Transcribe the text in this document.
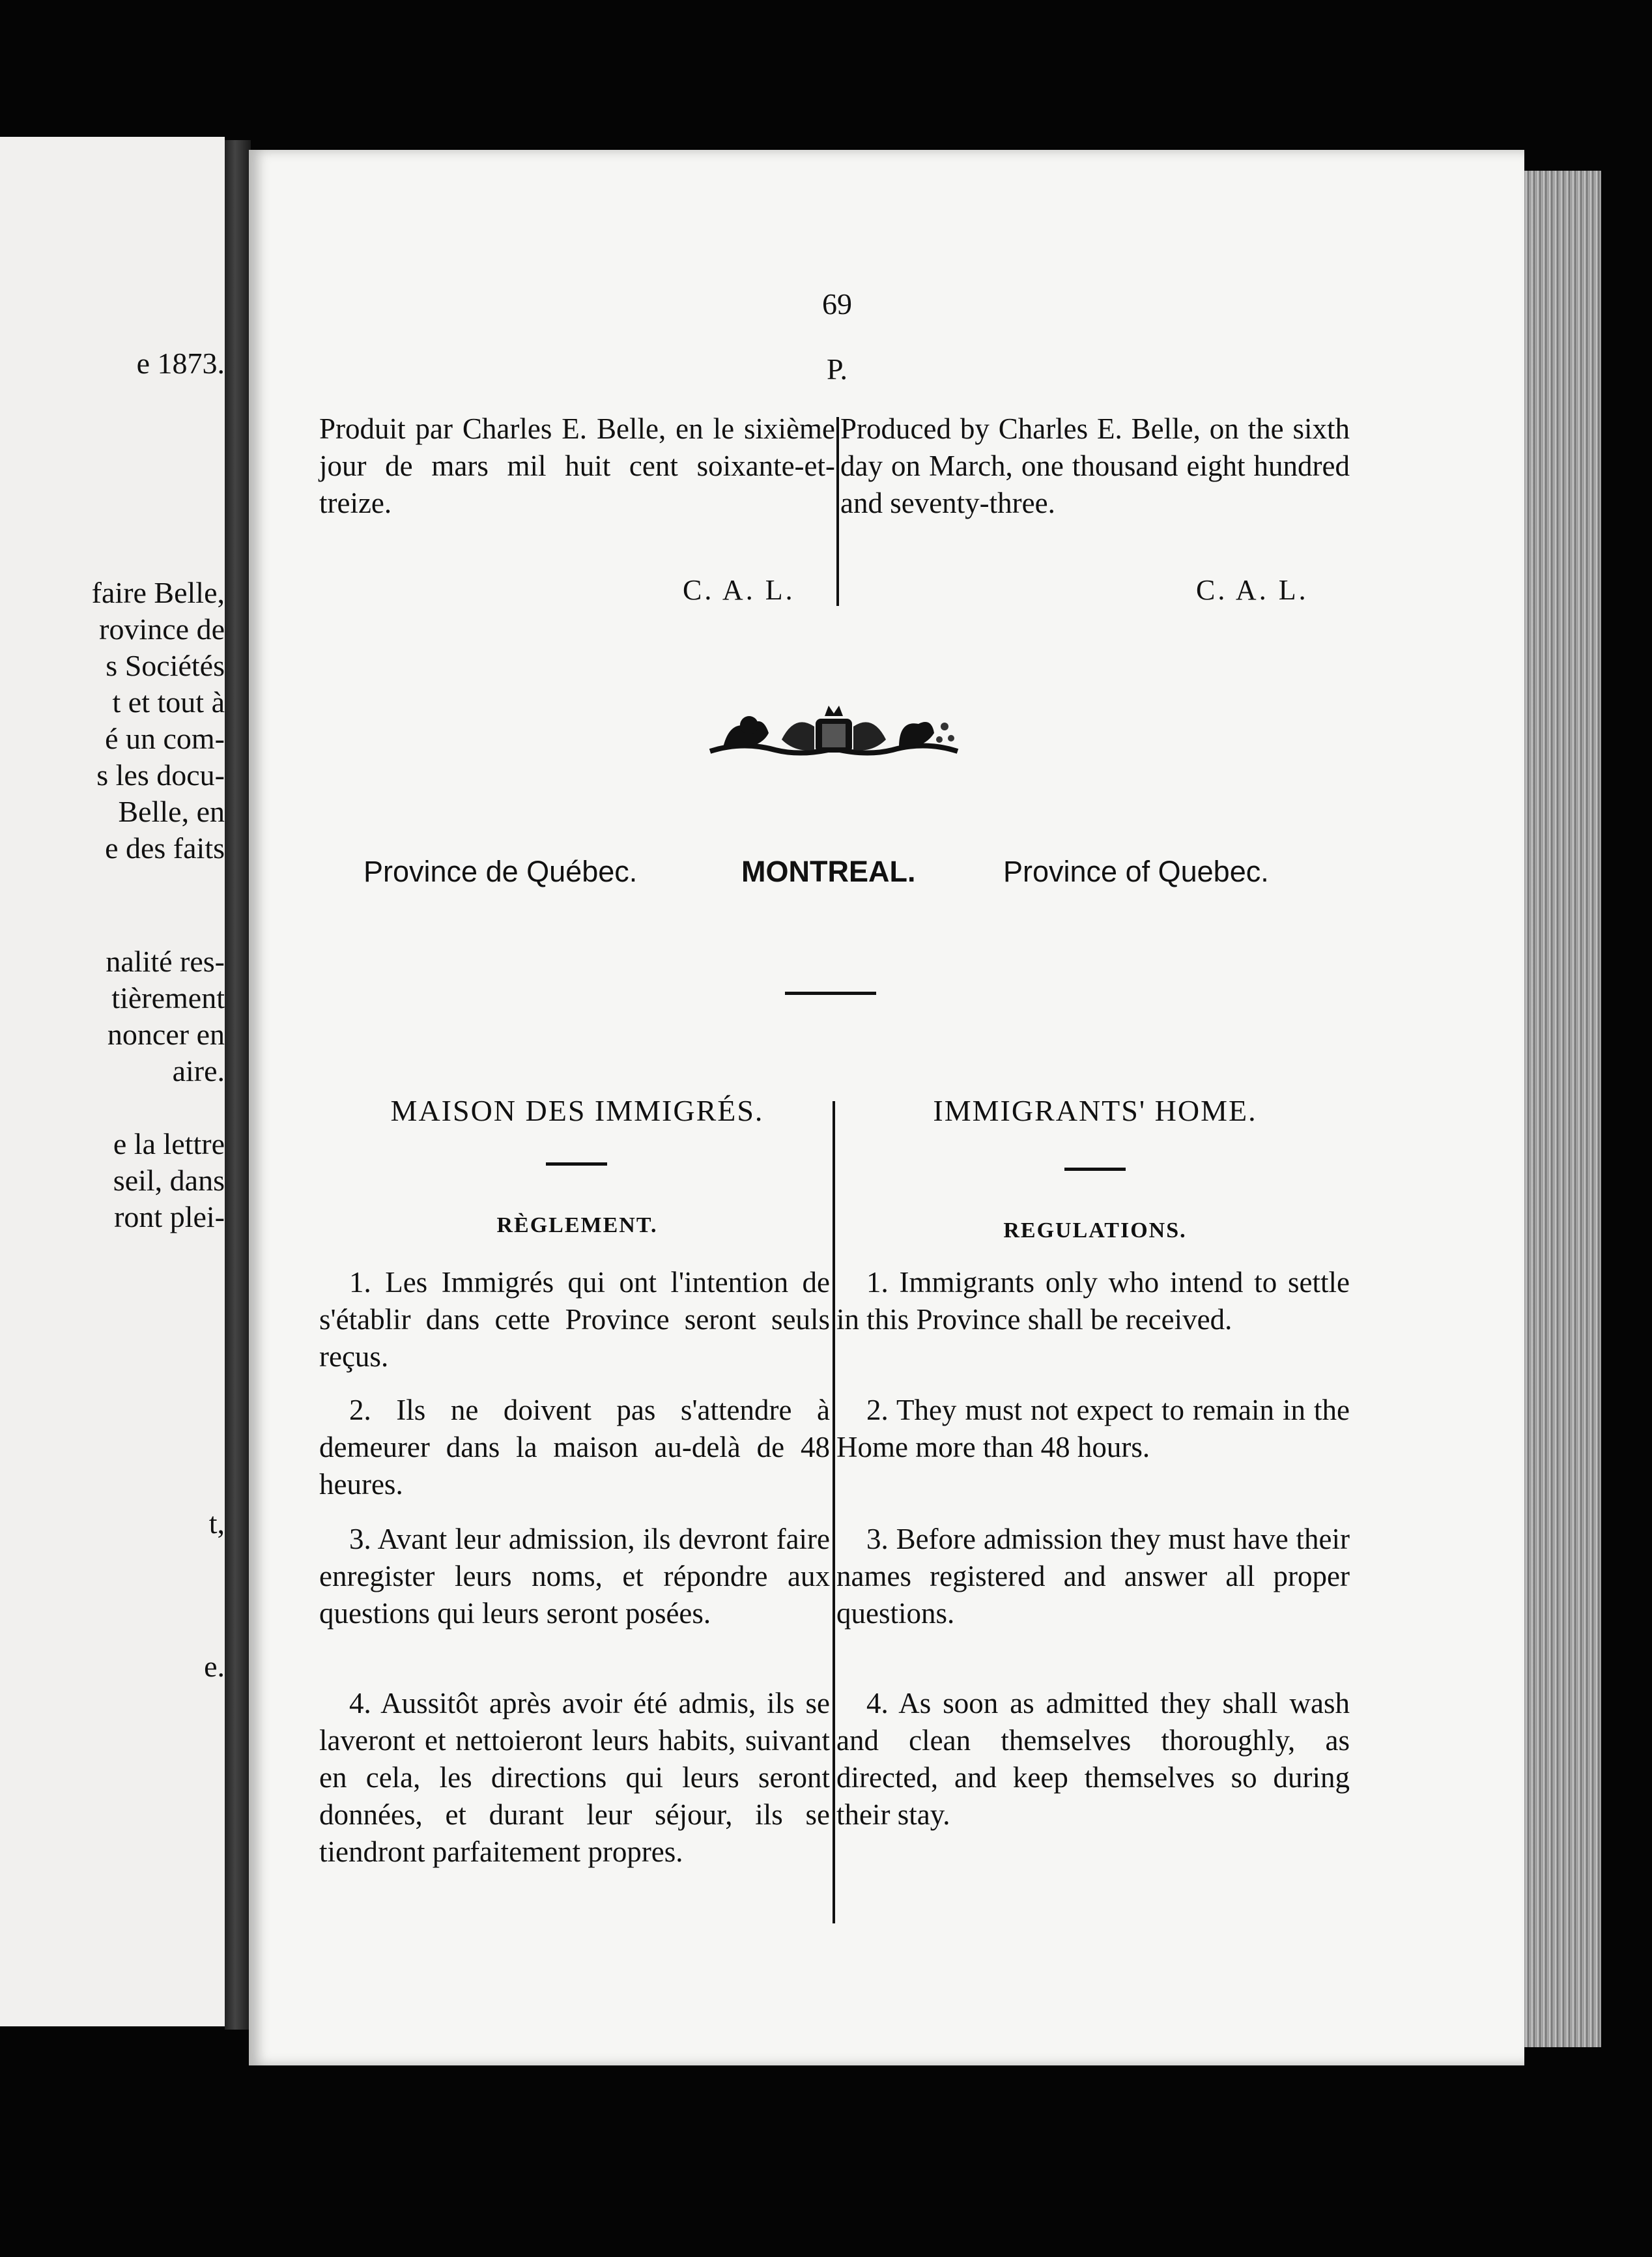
e 1873.
faire Belle,
rovince de
s Sociétés
t et tout à
é un com-
s les docu-
Belle, en
e des faits
nalité res-
tièrement
noncer en
aire.
e la lettre
seil, dans
ront plei-
t,
e.
69
P.
Produit par Charles E. Belle, en le sixième jour de mars mil huit cent soixante-et-treize.
Produced by Charles E. Belle, on the sixth day on March, one thousand eight hundred and seventy-three.
C. A. L.	C. A. L.
Province de Québec.	MONTREAL.	Province of Quebec.
MAISON DES IMMIGRÉS.	IMMIGRANTS' HOME.
RÈGLEMENT.	REGULATIONS.
1. Les Immigrés qui ont l'intention de s'établir dans cette Province seront seuls reçus.
2. Ils ne doivent pas s'attendre à demeurer dans la maison au-delà de 48 heures.
3. Avant leur admission, ils devront faire enregister leurs noms, et répondre aux questions qui leurs seront posées.
4. Aussitôt après avoir été admis, ils se laveront et nettoieront leurs habits, suivant en cela, les directions qui leurs seront données, et durant leur séjour, ils se tiendront parfaitement propres.
1. Immigrants only who intend to settle in this Province shall be received.
2. They must not expect to remain in the Home more than 48 hours.
3. Before admission they must have their names registered and answer all proper questions.
4. As soon as admitted they shall wash and clean themselves thoroughly, as directed, and keep themselves so during their stay.
